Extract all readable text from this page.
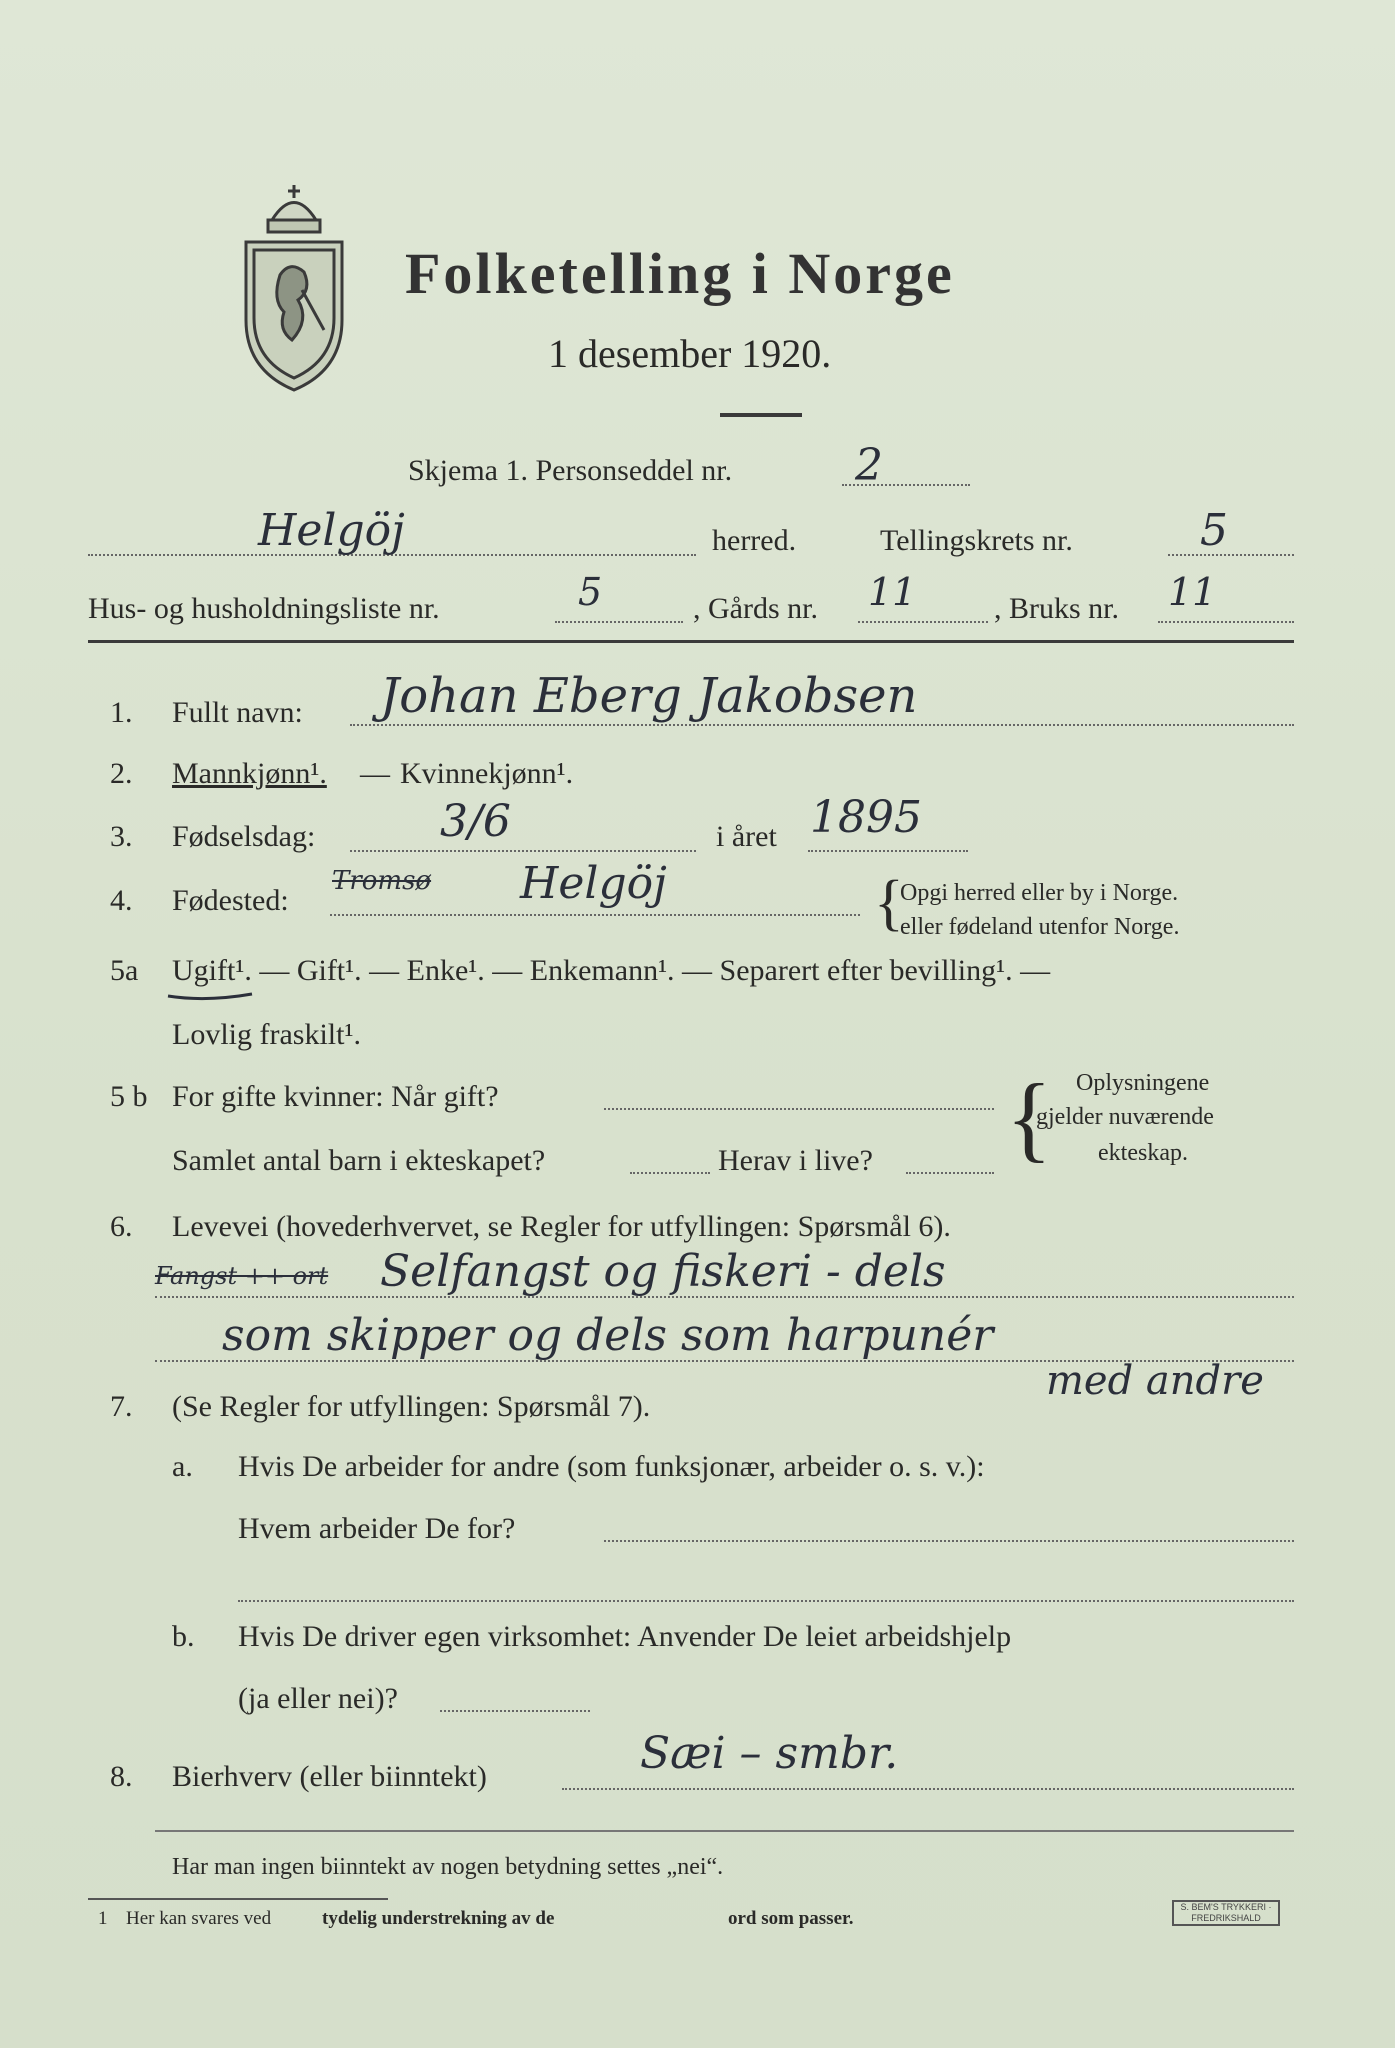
Folketelling i Norge
1 desember 1920.
Skjema 1. Personseddel nr.	2
Helgöj	herred.	Tellingskrets nr.	5
Hus- og husholdningsliste nr.	5	, Gårds nr. 11	, Bruks nr. 11
1. Fullt navn: Johan Eberg Jakobsen
2. Mannkjønn¹. — Kvinnekjønn¹.
3. Fødselsdag:	3/6	i året 1895
4. Fødested:
Tromsø Helgöj	{
Opgi herred eller by i Norge.
eller fødeland utenfor Norge.
5a Ugift¹. — Gift¹. — Enke¹. — Enkemann¹. — Separert efter bevilling¹. —
Lovlig fraskilt¹.
5 b For gifte kvinner: Når gift?
Samlet antal barn i ekteskapet?	Herav i live? { Oplysningene
gjelder nuværende
ekteskap.
6. Levevei (hovederhvervet, se Regler for utfyllingen: Spørsmål 6).
Fangst ++ ort Selfangst og fiskeri - dels
som skipper og dels som harpunér
med andre
7. (Se Regler for utfyllingen: Spørsmål 7).
a. Hvis De arbeider for andre (som funksjonær, arbeider o. s. v.):
Hvem arbeider De for?
b. Hvis De driver egen virksomhet: Anvender De leiet arbeidshjelp
(ja eller nei)?
8. Bierhverv (eller biinntekt)	Sæi – smbr.
Har man ingen biinntekt av nogen betydning settes „nei“.
1 Her kan svares ved	tydelig understrekning av de	ord som passer.
S. BEM'S TRYKKERI · FREDRIKSHALD
